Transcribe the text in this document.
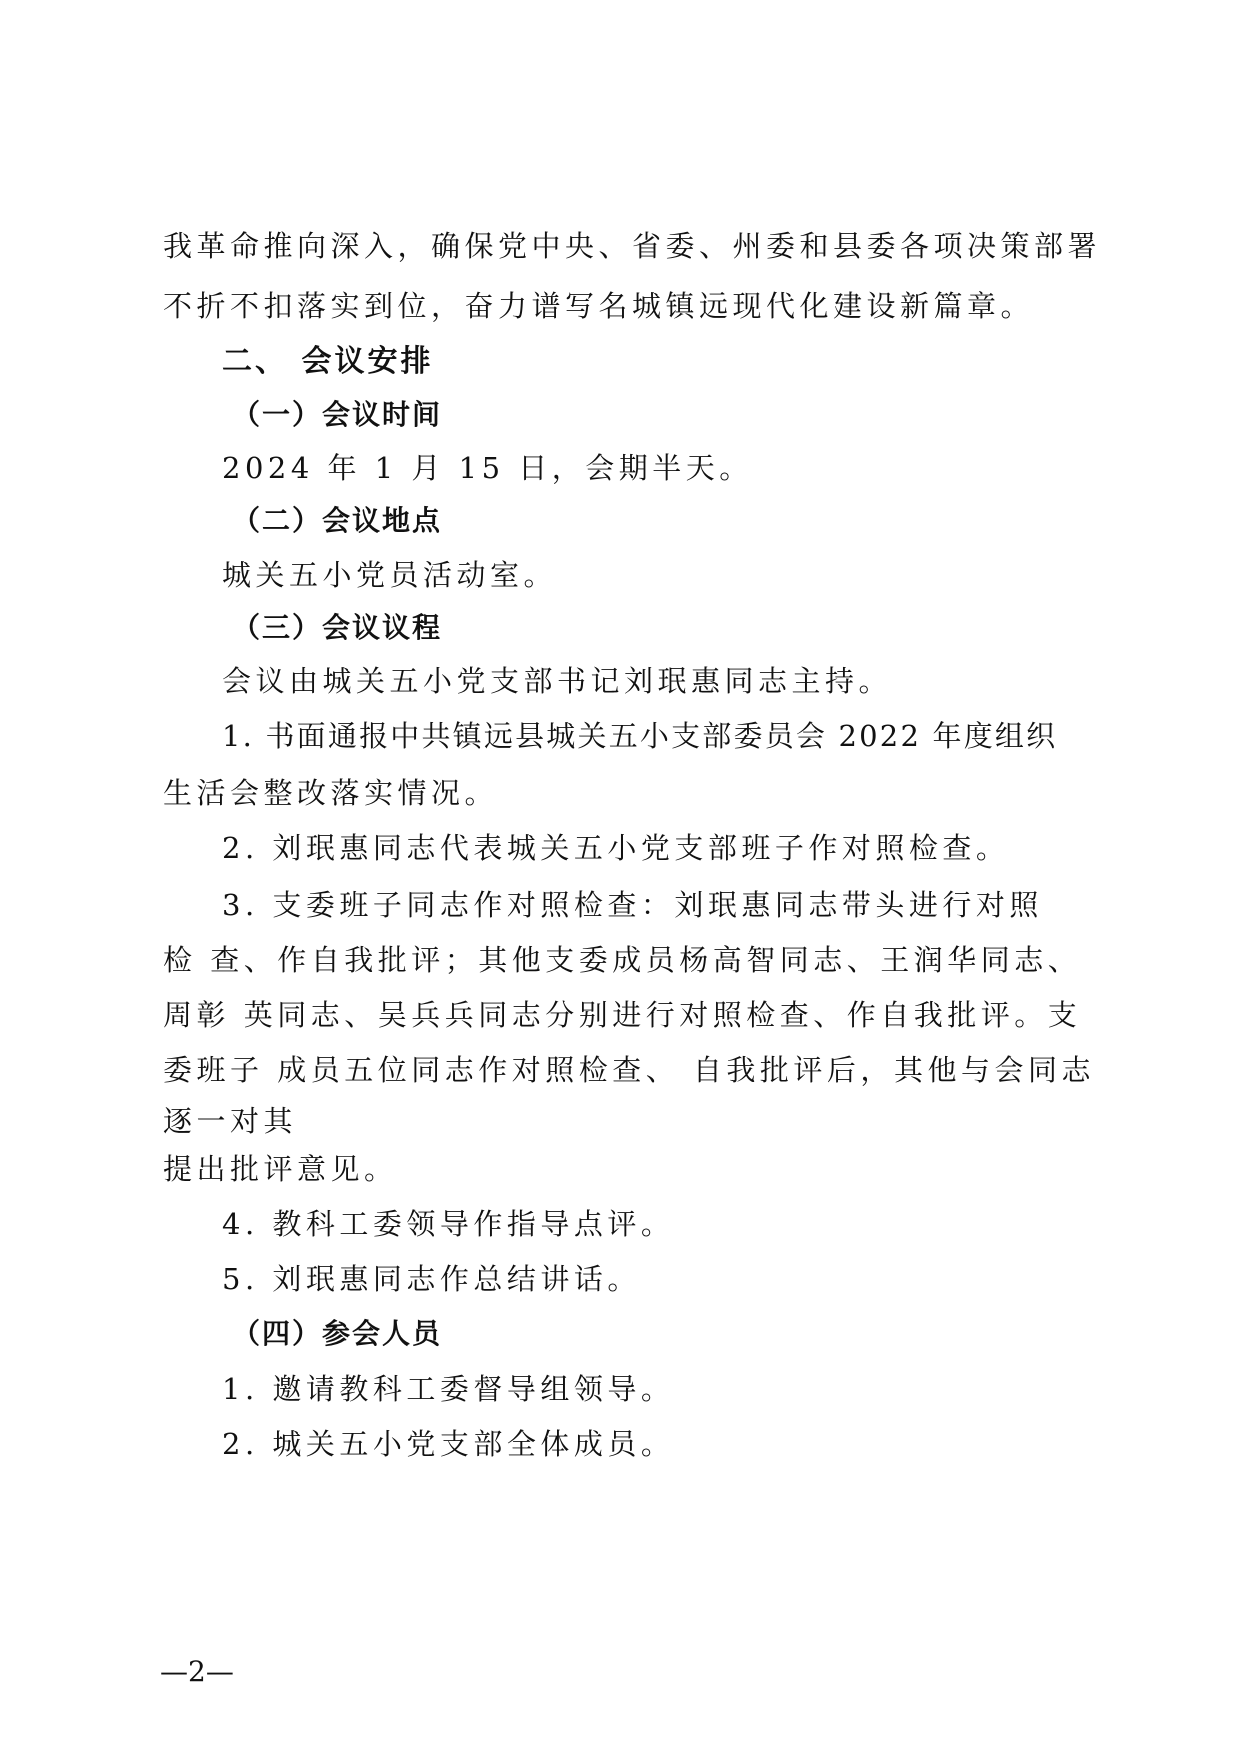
我革命推向深入，确保党中央、省委、州委和县委各项决策部署
不折不扣落实到位，奋力谱写名城镇远现代化建设新篇章。
二、 会议安排
（一）会议时间
2024 年 1 月 15 日，会期半天。
（二）会议地点
城关五小党员活动室。
（三）会议议程
会议由城关五小党支部书记刘珉惠同志主持。
1. 书面通报中共镇远县城关五小支部委员会 2022 年度组织
生活会整改落实情况。
2. 刘珉惠同志代表城关五小党支部班子作对照检查。
3. 支委班子同志作对照检查：刘珉惠同志带头进行对照
检 查、作自我批评；其他支委成员杨高智同志、王润华同志、
周彰 英同志、吴兵兵同志分别进行对照检查、作自我批评。支
委班子 成员五位同志作对照检查、 自我批评后，其他与会同志
逐一对其
提出批评意见。
4. 教科工委领导作指导点评。
5. 刘珉惠同志作总结讲话。
（四）参会人员
1. 邀请教科工委督导组领导。
2. 城关五小党支部全体成员。
—2—
